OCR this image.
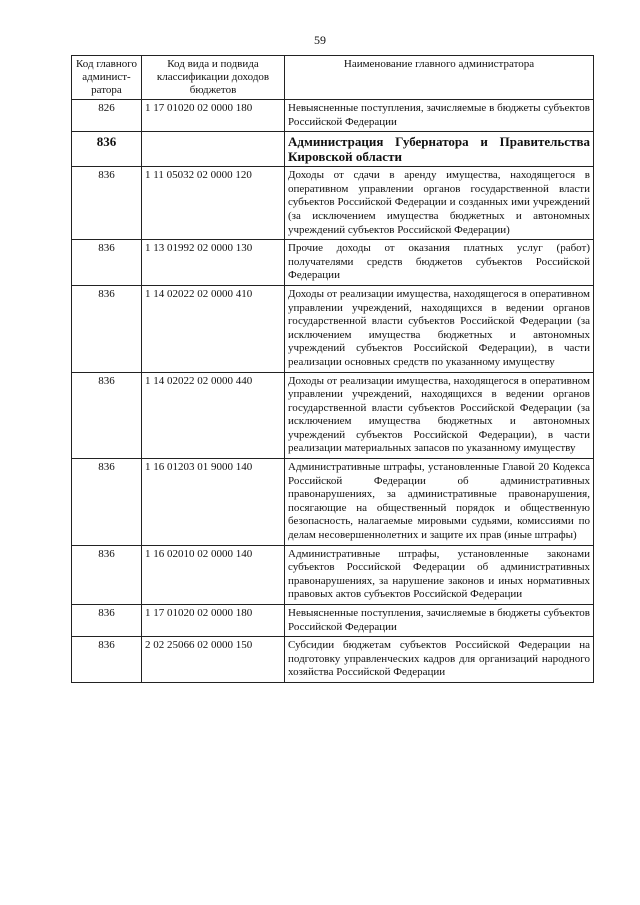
59
Код главного админист-ратора	Код вида и подвида классификации доходов бюджетов	Наименование главного администратора
826	1 17 01020 02 0000 180	Невыясненные поступления, зачисляемые в бюджеты субъектов Российской Федерации
836		Администрация Губернатора и Правительства Кировской области
836	1 11 05032 02 0000 120	Доходы от сдачи в аренду имущества, находящегося в оперативном управлении органов государственной власти субъектов Российской Федерации и созданных ими учреждений (за исключением имущества бюджетных и автономных учреждений субъектов Российской Федерации)
836	1 13 01992 02 0000 130	Прочие доходы от оказания платных услуг (работ) получателями средств бюджетов субъектов Российской Федерации
836	1 14 02022 02 0000 410	Доходы от реализации имущества, находящегося в оперативном управлении учреждений, находящихся в ведении органов государственной власти субъектов Российской Федерации (за исключением имущества бюджетных и автономных учреждений субъектов Российской Федерации), в части реализации основных средств по указанному имуществу
836	1 14 02022 02 0000 440	Доходы от реализации имущества, находящегося в оперативном управлении учреждений, находящихся в ведении органов государственной власти субъектов Российской Федерации (за исключением имущества бюджетных и автономных учреждений субъектов Российской Федерации), в части реализации материальных запасов по указанному имуществу
836	1 16 01203 01 9000 140	Административные штрафы, установленные Главой 20 Кодекса Российской Федерации об административных правонарушениях, за административные правонарушения, посягающие на общественный порядок и общественную безопасность, налагаемые мировыми судьями, комиссиями по делам несовершеннолетних и защите их прав (иные штрафы)
836	1 16 02010 02 0000 140	Административные штрафы, установленные законами субъектов Российской Федерации об административных правонарушениях, за нарушение законов и иных нормативных правовых актов субъектов Российской Федерации
836	1 17 01020 02 0000 180	Невыясненные поступления, зачисляемые в бюджеты субъектов Российской Федерации
836	2 02 25066 02 0000 150	Субсидии бюджетам субъектов Российской Федерации на подготовку управленческих кадров для организаций народного хозяйства Российской Федерации
